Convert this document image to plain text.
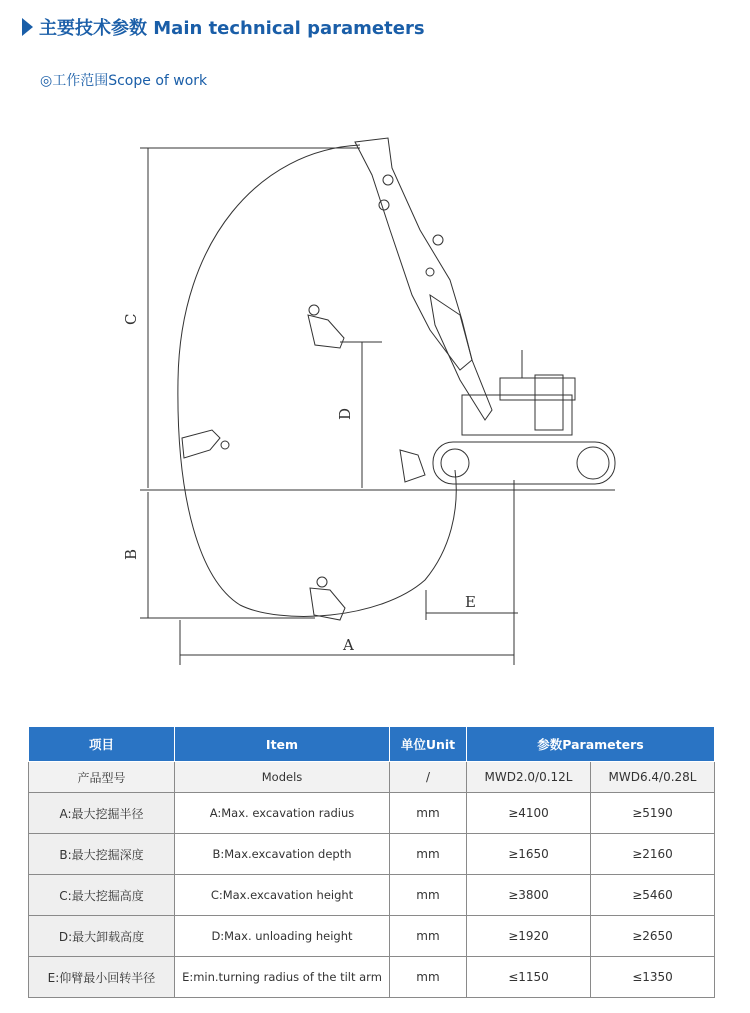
主要技术参数 Main technical parameters
◎工作范围Scope of work
C
D
B
E
A
项目	Item	单位Unit	参数Parameters	
产品型号	Models	/	MWD2.0/0.12L	MWD6.4/0.28L
A:最大挖掘半径	A:Max. excavation radius	mm	≥4100	≥5190
B:最大挖掘深度	B:Max.excavation depth	mm	≥1650	≥2160
C:最大挖掘高度	C:Max.excavation height	mm	≥3800	≥5460
D:最大卸载高度	D:Max. unloading height	mm	≥1920	≥2650
E:仰臂最小回转半径	E:min.turning radius of the tilt arm	mm	≤1150	≤1350
